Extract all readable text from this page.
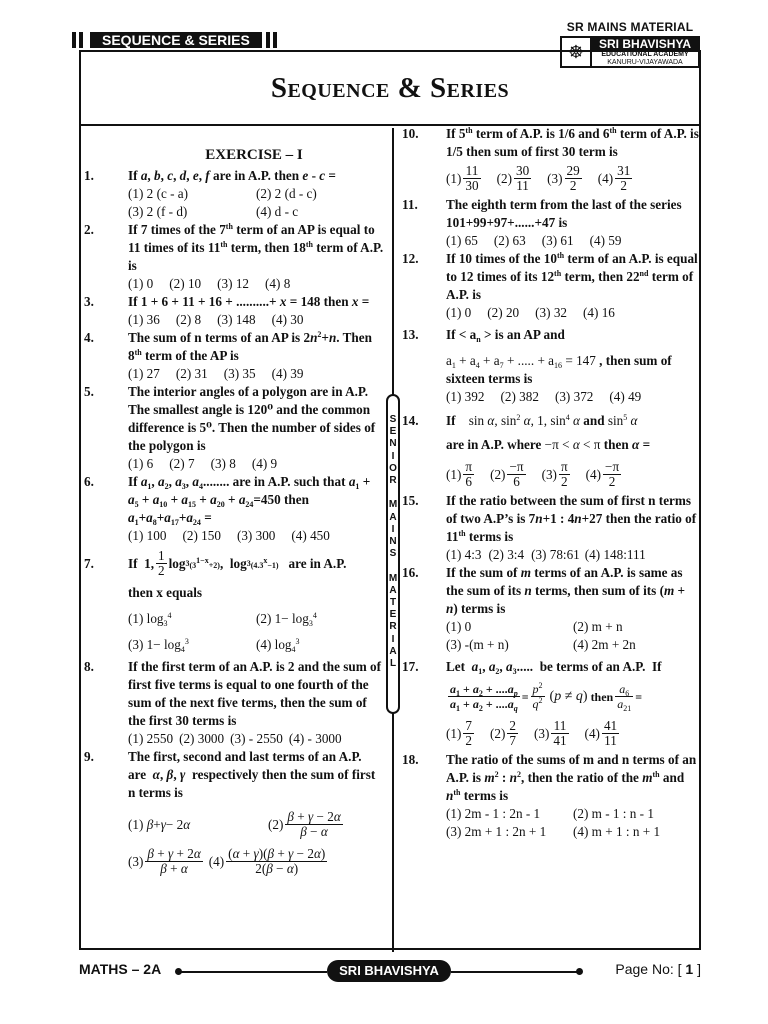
SEQUENCE & SERIES
SR MAINS MATERIAL
☸	SRI BHAVISHYA
EDUCATIONAL ACADEMY
KANURU-VIJAYAWADA
Sequence & Series
S
E
N
I
O
R

M
A
I
N
S

M
A
T
E
R
I
A
L
EXERCISE – I
1.	If a, b, c, d, e, f are in A.P. then e - c =
(1) 2 (c - a)	(2) 2 (d - c)
(3) 2 (f - d)	(4) d - c
2.	If 7 times of the 7th term of an AP is equal to 11 times of its 11th term, then 18th term of A.P. is
(1) 0 (2) 10 (3) 12 (4) 8
3.	If 1 + 6 + 11 + 16 + ..........+ x = 148 then x =
(1) 36 (2) 8 (3) 148 (4) 30
4.	The sum of n terms of an AP is $2n^2+n$. Then 8th term of the AP is
(1) 27 (2) 31 (3) 35 (4) 39
5.	The interior angles of a polygon are in A.P. The smallest angle is 120⁰ and the common difference is 5⁰. Then the number of sides of the polygon is
(1) 6 (2) 7 (3) 8 (4) 9
6.	If $a_1$, $a_2$, $a_3$, $a_4$........ are in A.P. such that $a_1 + a_5 + a_{10} + a_{15} + a_{20} + a_{24}=450$ then $a_1+a_8+a_{17}+a_{24}$ =
(1) 100 (2) 150 (3) 300 (4) 450
7.	If  1, $\frac{1}{2}$ log 3 $(3^{1-x}+2)$ ,  log 3 $(4.3^x-1)$ are in A.P.
then x equals
(1) $\log_3^4$	(2) $1- \log_3^4$
(3) $1- \log_4^3$	(4) $\log_4^3$
8.	If the first term of an A.P. is 2 and the sum of first five terms is equal to one fourth of the sum of the next five terms, then the sum of the first 30 terms is
(1) 2550 (2) 3000 (3) - 2550 (4) - 3000
9.	The first, second and last terms of an A.P.
are  α, β, γ respectively then the sum of first n terms is
(1) β + γ − 2 α	$(2) \frac{\beta + \gamma - 2\alpha}{\beta - \alpha}$
$(3) \frac{\beta + \gamma + 2\alpha}{\beta + \alpha} (4) \frac{(\alpha + \gamma)(\beta + \gamma - 2\alpha)}{2(\beta - \alpha)}$
10.	If 5th term of A.P. is 1/6 and 6th term of A.P. is 1/5 then sum of first 30 term is
$(1) \frac{11}{30} (2) \frac{30}{11} (3) \frac{29}{2} (4) \frac{31}{2}$
11.	The eighth term from the last of the series 101+99+97+......+47 is
(1) 65 (2) 63 (3) 61 (4) 59
12.	If 10 times of the 10th term of an A.P. is equal to 12 times of its 12th term, then 22nd term of A.P. is
(1) 0 (2) 20 (3) 32 (4) 16
13.	$If < a_n$ > is an AP and
$a_1 + a_4 + a_7$ + ..... + $a_{16} = 147$ , then sum of sixteen terms is
(1) 392 (2) 382 (3) 372 (4) 49
14.	If    sin α, $\sin^2 \alpha$, 1, $\sin^4 \alpha$ and $\sin^5 \alpha$
are in A.P. where −π < α < π then α =
$(1) \frac{\pi}{6} (2) \frac{-\pi}{6} (3) \frac{\pi}{2} (4) \frac{-\pi}{2}$
15.	If the ratio between the sum of first n terms of two A.P’s is 7n+1 : 4n+27 then the ratio of 11th terms is
(1) 4:3 (2) 3:4 (3) 78:61 (4) 148:111
16.	If the sum of m terms of an A.P. is same as the sum of its n terms, then sum of its (m + n) terms is
(1) 0	(2) m + n
(3) -(m + n)	(4) 2m + 2n
17.	Let  $a_1$, $a_2$, $a_3$.....  be terms of an A.P.  If
$\frac{a_1 + a_2 + ....a_p}{a_1 + a_2 + ....a_q} = \frac{p^2}{q^2}$
(p ≠ q) then $\frac{a_6}{a_{21}}$ =
$(1) \frac{7}{2} (2) \frac{2}{7} (3) \frac{11}{41} (4) \frac{41}{11}$
18.	The ratio of the sums of m and n terms of an A.P. is $m^2$ : $n^2$, then the ratio of the $m^{th}$ and $n^{th}$ terms is
(1) 2m - 1 : 2n - 1	(2) m - 1 : n - 1
(3) 2m + 1 : 2n + 1	(4) m + 1 : n + 1
MATHS – 2A	SRI BHAVISHYA	Page No: [ 1 ]
